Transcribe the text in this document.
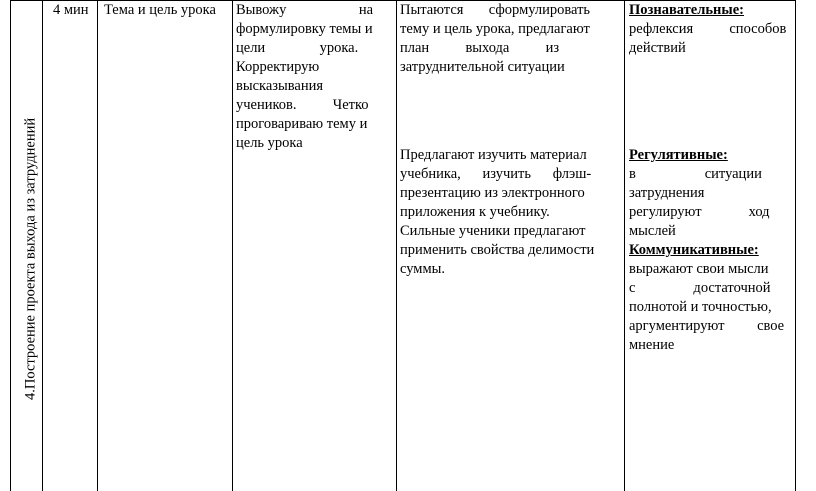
4.Построение проекта выхода из затруднений
4 мин	Тема и цель урока	Вывожу                    на
формулировку темы и
цели               урока.
Корректирую
высказывания
учеников.          Четко
проговариваю тему и
цель урока
Пытаются       сформулировать
тему и цель урока, предлагают
план          выхода          из
затруднительной ситуации
Предлагают изучить материал
учебника,      изучить      флэш-
презентацию из электронного
приложения к учебнику.
Сильные ученики предлагают
применить свойства делимости
суммы.
Познавательные:
рефлексия          способов
действий
Регулятивные:
в                   ситуации
затруднения
регулируют             ход
мыслей
Коммуникативные:
выражают свои мысли
с                достаточной
полнотой и точностью,
аргументируют         свое
мнение
